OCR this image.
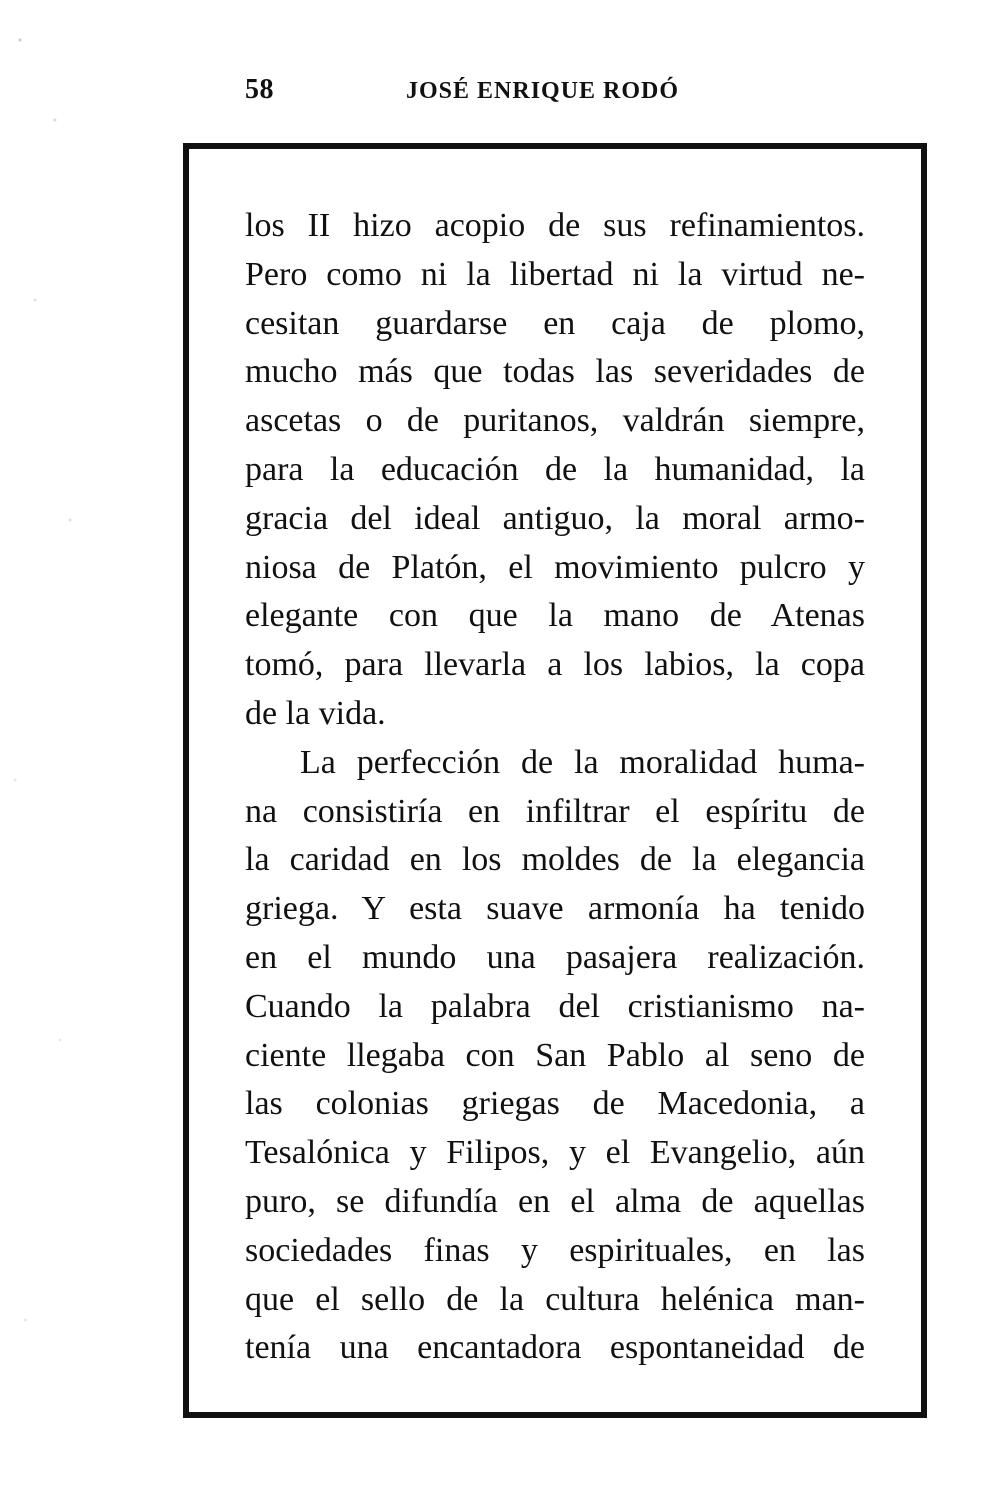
58	JOSÉ ENRIQUE RODÓ
los II hizo acopio de sus refinamientos.
Pero como ni la libertad ni la virtud ne-
cesitan guardarse en caja de plomo,
mucho más que todas las severidades de
ascetas o de puritanos, valdrán siempre,
para la educación de la humanidad, la
gracia del ideal antiguo, la moral armo-
niosa de Platón, el movimiento pulcro y
elegante con que la mano de Atenas
tomó, para llevarla a los labios, la copa
de la vida.
La perfección de la moralidad huma-
na consistiría en infiltrar el espíritu de
la caridad en los moldes de la elegancia
griega. Y esta suave armonía ha tenido
en el mundo una pasajera realización.
Cuando la palabra del cristianismo na-
ciente llegaba con San Pablo al seno de
las colonias griegas de Macedonia, a
Tesalónica y Filipos, y el Evangelio, aún
puro, se difundía en el alma de aquellas
sociedades finas y espirituales, en las
que el sello de la cultura helénica man-
tenía una encantadora espontaneidad de
